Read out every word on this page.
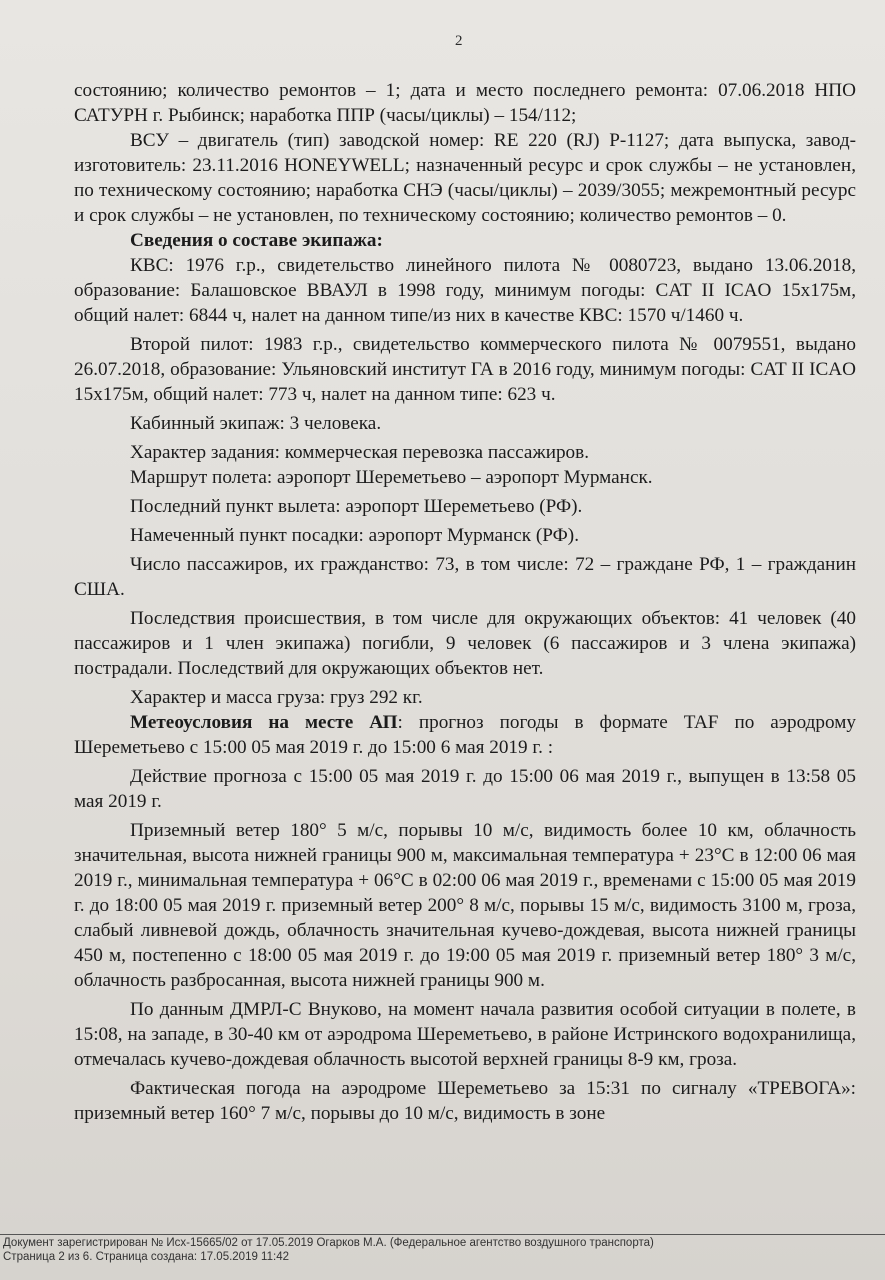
2

состоянию; количество ремонтов – 1; дата и место последнего ремонта: 07.06.2018 НПО САТУРН г. Рыбинск; наработка ППР (часы/циклы) – 154/112;

ВСУ – двигатель (тип) заводской номер: RE 220 (RJ) P-1127; дата выпуска, завод-изготовитель: 23.11.2016 HONEYWELL; назначенный ресурс и срок службы – не установлен, по техническому состоянию; наработка СНЭ (часы/циклы) – 2039/3055; межремонтный ресурс и срок службы – не установлен, по техническому состоянию; количество ремонтов – 0.

Сведения о составе экипажа:

КВС: 1976 г.р., свидетельство линейного пилота № 0080723, выдано 13.06.2018, образование: Балашовское ВВАУЛ в 1998 году, минимум погоды: CAT II ICAO 15х175м, общий налет: 6844 ч, налет на данном типе/из них в качестве КВС: 1570 ч/1460 ч.

Второй пилот: 1983 г.р., свидетельство коммерческого пилота № 0079551, выдано 26.07.2018, образование: Ульяновский институт ГА в 2016 году, минимум погоды: CAT II ICAO 15х175м, общий налет: 773 ч, налет на данном типе: 623 ч.

Кабинный экипаж: 3 человека.

Характер задания: коммерческая перевозка пассажиров.

Маршрут полета: аэропорт Шереметьево – аэропорт Мурманск.

Последний пункт вылета: аэропорт Шереметьево (РФ).

Намеченный пункт посадки: аэропорт Мурманск (РФ).

Число пассажиров, их гражданство: 73, в том числе: 72 – граждане РФ, 1 – гражданин США.

Последствия происшествия, в том числе для окружающих объектов: 41 человек (40 пассажиров и 1 член экипажа) погибли, 9 человек (6 пассажиров и 3 члена экипажа) пострадали. Последствий для окружающих объектов нет.

Характер и масса груза: груз 292 кг.

Метеоусловия на месте АП: прогноз погоды в формате TAF по аэродрому Шереметьево с 15:00 05 мая 2019 г. до 15:00 6 мая 2019 г. :

Действие прогноза с 15:00 05 мая 2019 г. до 15:00 06 мая 2019 г., выпущен в 13:58 05 мая 2019 г.

Приземный ветер 180° 5 м/с, порывы 10 м/с, видимость более 10 км, облачность значительная, высота нижней границы 900 м, максимальная температура + 23°С в 12:00 06 мая 2019 г., минимальная температура + 06°С в 02:00 06 мая 2019 г., временами с 15:00 05 мая 2019 г. до 18:00 05 мая 2019 г. приземный ветер 200° 8 м/с, порывы 15 м/с, видимость 3100 м, гроза, слабый ливневой дождь, облачность значительная кучево-дождевая, высота нижней границы 450 м, постепенно с 18:00 05 мая 2019 г. до 19:00 05 мая 2019 г. приземный ветер 180° 3 м/с, облачность разбросанная, высота нижней границы 900 м.

По данным ДМРЛ-С Внуково, на момент начала развития особой ситуации в полете, в 15:08, на западе, в 30-40 км от аэродрома Шереметьево, в районе Истринского водохранилища, отмечалась кучево-дождевая облачность высотой верхней границы 8-9 км, гроза.

Фактическая погода на аэродроме Шереметьево за 15:31 по сигналу «ТРЕВОГА»: приземный ветер 160° 7 м/с, порывы до 10 м/с, видимость в зоне

Документ зарегистрирован № Исх-15665/02 от 17.05.2019 Огарков М.А. (Федеральное агентство воздушного транспорта)
Страница 2 из 6. Страница создана: 17.05.2019 11:42
